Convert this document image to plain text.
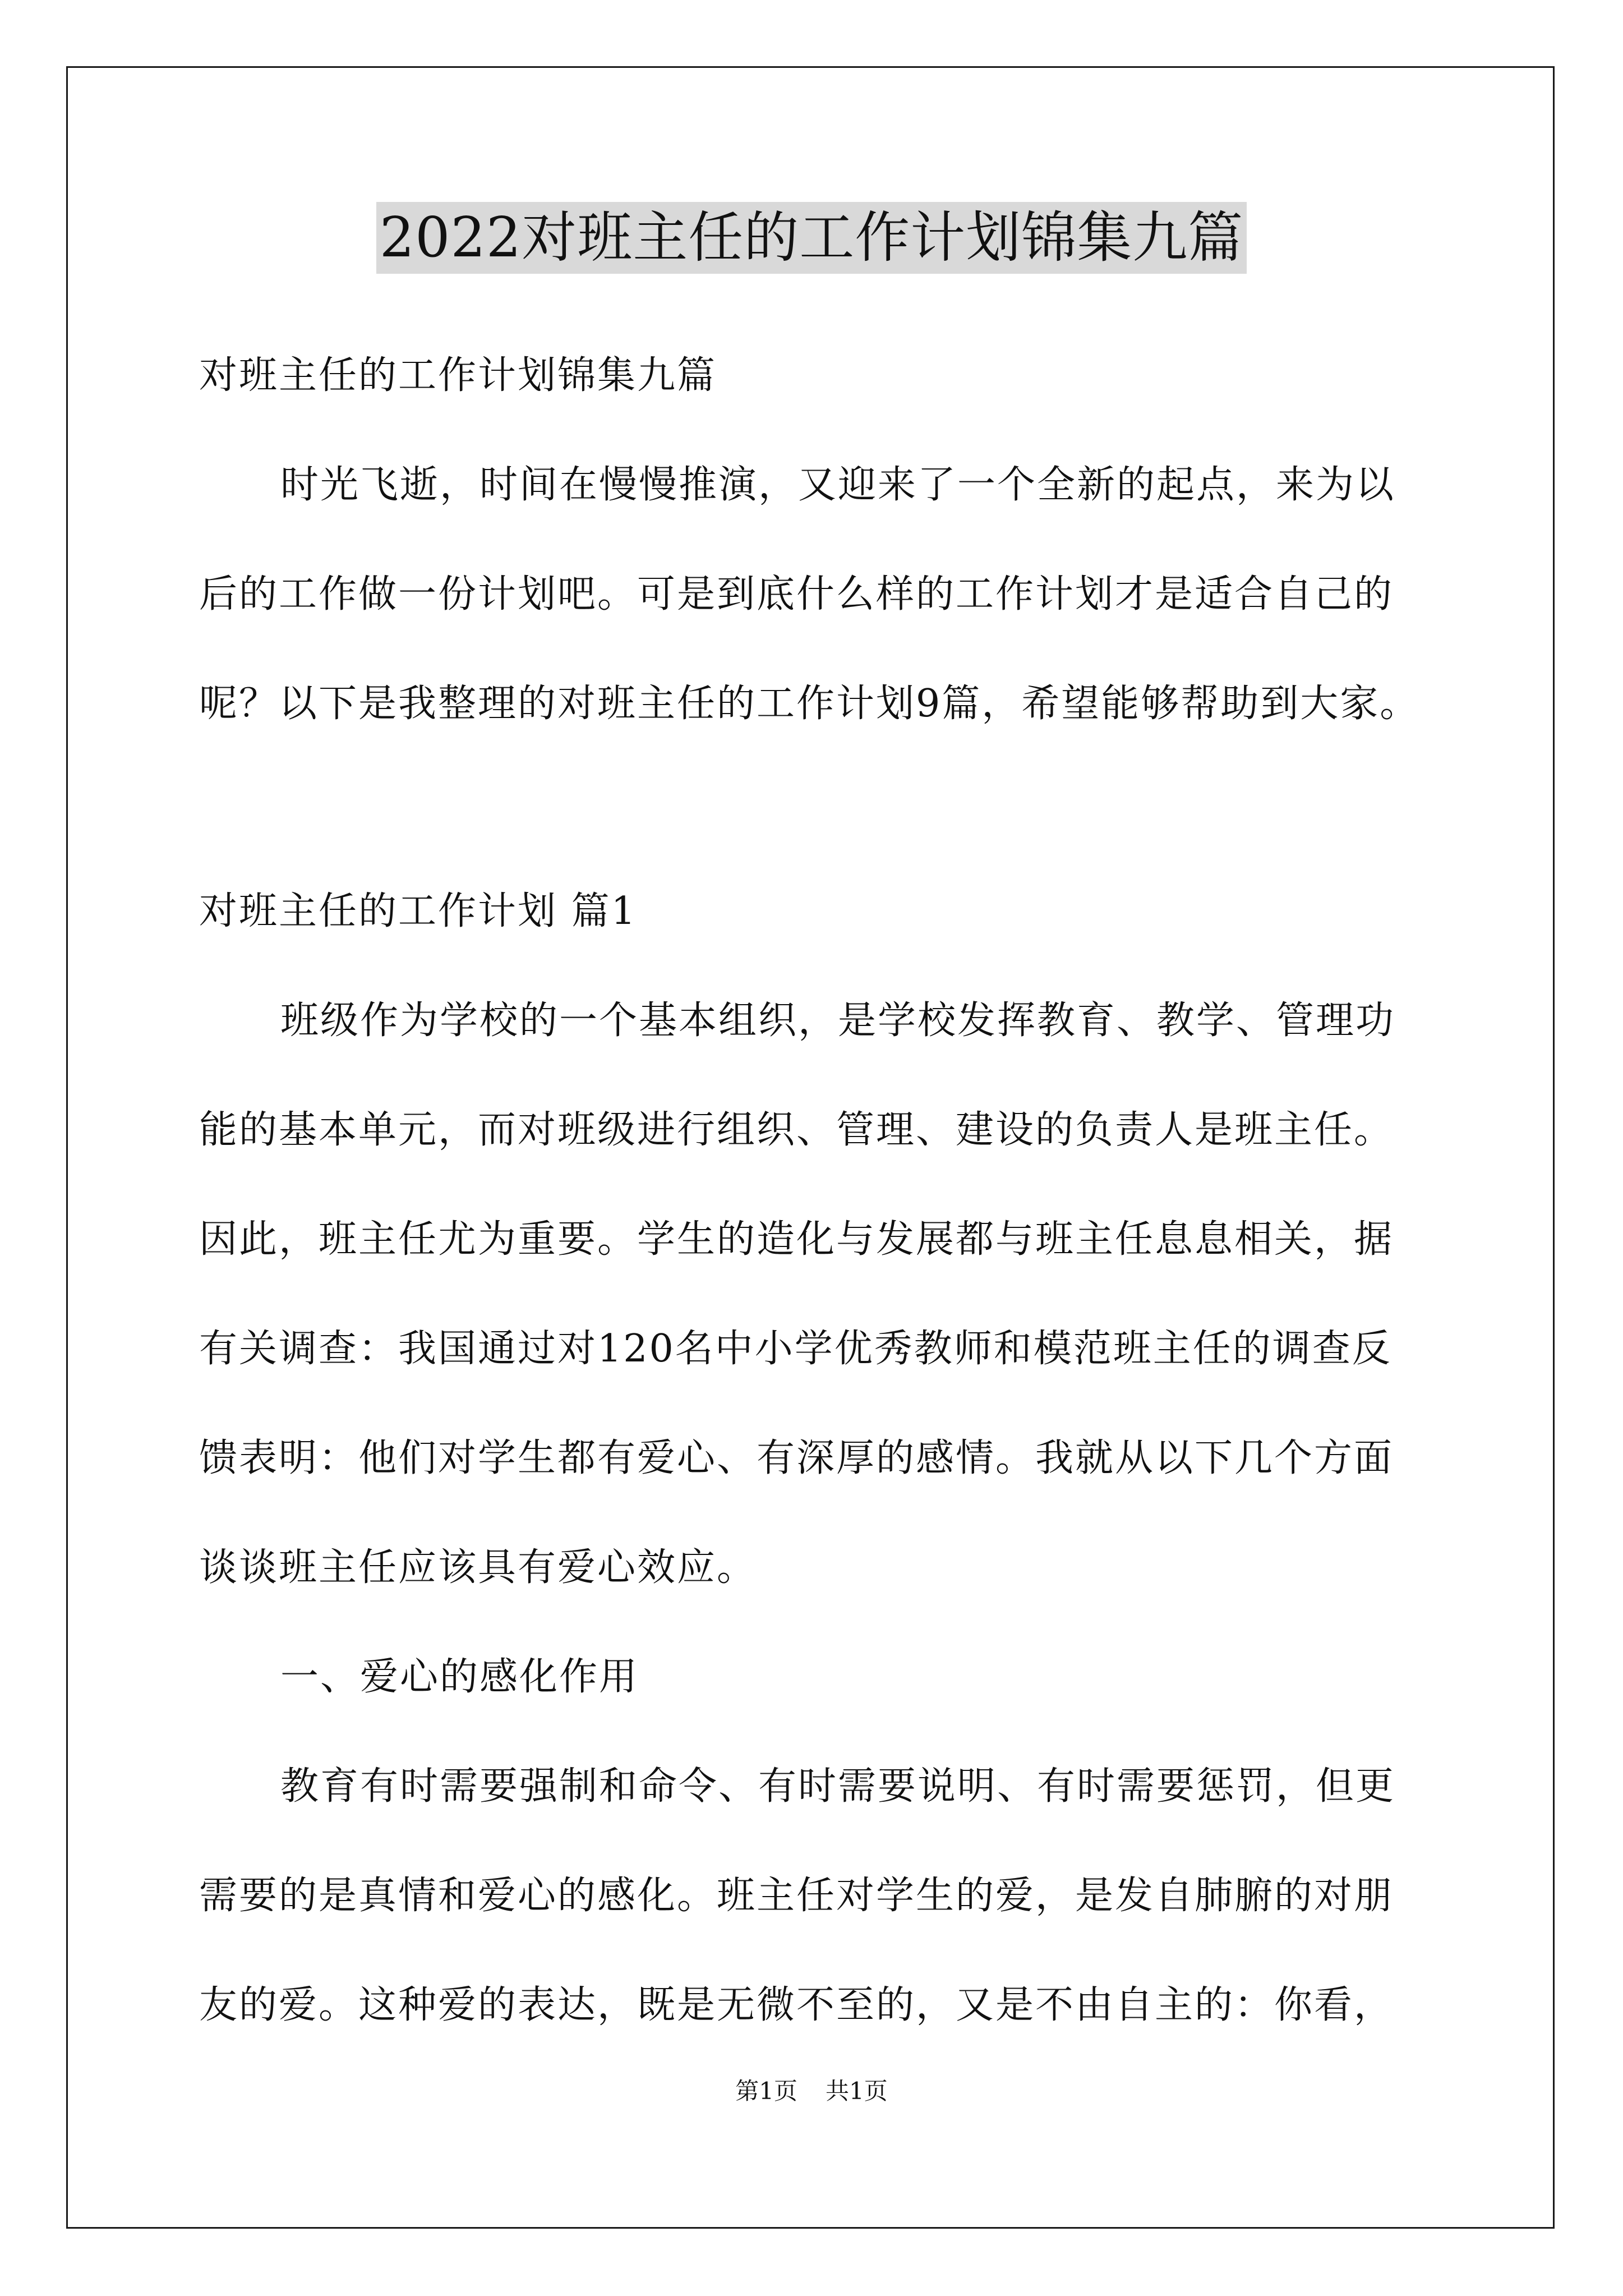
2022对班主任的工作计划锦集九篇
对班主任的工作计划锦集九篇
时光飞逝，时间在慢慢推演，又迎来了一个全新的起点，来为以
后的工作做一份计划吧。可是到底什么样的工作计划才是适合自己的
呢？以下是我整理的对班主任的工作计划9篇，希望能够帮助到大家。
对班主任的工作计划 篇1
班级作为学校的一个基本组织，是学校发挥教育、教学、管理功
能的基本单元，而对班级进行组织、管理、建设的负责人是班主任。
因此，班主任尤为重要。学生的造化与发展都与班主任息息相关，据
有关调查：我国通过对120名中小学优秀教师和模范班主任的调查反
馈表明：他们对学生都有爱心、有深厚的感情。我就从以下几个方面
谈谈班主任应该具有爱心效应。
一、爱心的感化作用
教育有时需要强制和命令、有时需要说明、有时需要惩罚，但更
需要的是真情和爱心的感化。班主任对学生的爱，是发自肺腑的对朋
友的爱。这种爱的表达，既是无微不至的，又是不由自主的：你看，
第1页 共1页
